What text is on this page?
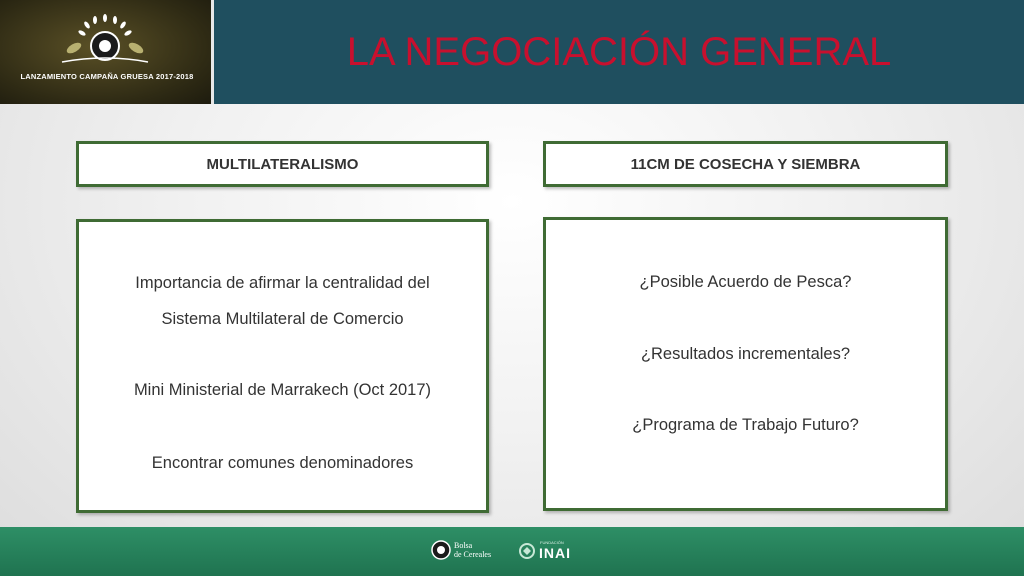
LANZAMIENTO CAMPAÑA GRUESA 2017-2018
LA NEGOCIACIÓN GENERAL
MULTILATERALISMO	11CM DE COSECHA Y SIEMBRA
Importancia de afirmar la centralidad del
Sistema Multilateral de Comercio
Mini Ministerial de Marrakech (Oct 2017)
Encontrar comunes denominadores
¿Posible Acuerdo de Pesca?
¿Resultados incrementales?
¿Programa de Trabajo Futuro?
Bolsa
de Cereales
FUNDACIÓN
INAI
